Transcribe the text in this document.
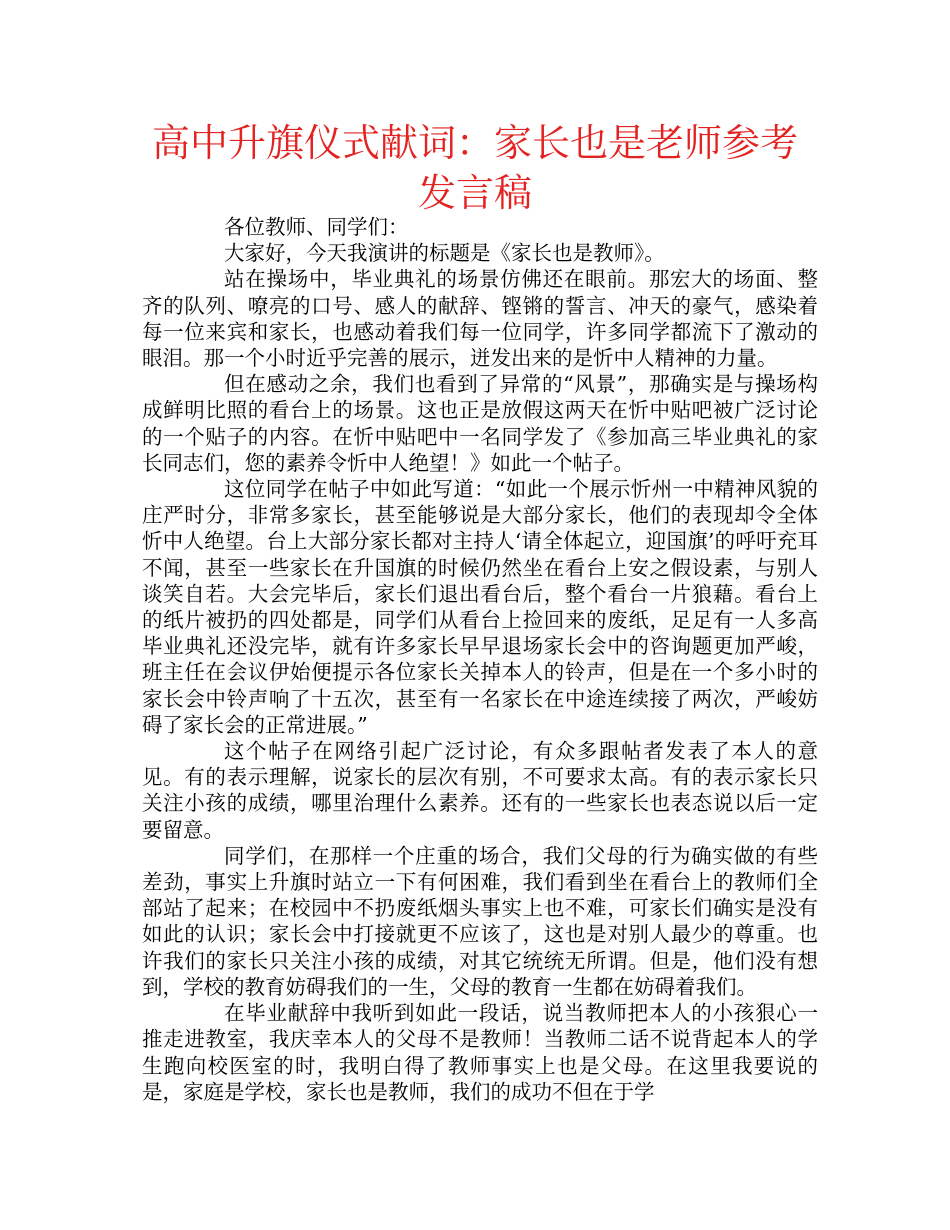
高中升旗仪式献词：家长也是老师参考发言稿

各位教师、同学们：

大家好，今天我演讲的标题是《家长也是教师》。

站在操场中，毕业典礼的场景仿佛还在眼前。那宏大的场面、整齐的队列、嘹亮的口号、感人的献辞、铿锵的誓言、冲天的豪气，感染着每一位来宾和家长，也感动着我们每一位同学，许多同学都流下了激动的眼泪。那一个小时近乎完善的展示，迸发出来的是忻中人精神的力量。

但在感动之余，我们也看到了异常的“风景”，那确实是与操场构成鲜明比照的看台上的场景。这也正是放假这两天在忻中贴吧被广泛讨论的一个贴子的内容。在忻中贴吧中一名同学发了《参加高三毕业典礼的家长同志们，您的素养令忻中人绝望！》如此一个帖子。

这位同学在帖子中如此写道：“如此一个展示忻州一中精神风貌的庄严时分，非常多家长，甚至能够说是大部分家长，他们的表现却令全体忻中人绝望。台上大部分家长都对主持人‘请全体起立，迎国旗’的呼吁充耳不闻，甚至一些家长在升国旗的时候仍然坐在看台上安之假设素，与别人谈笑自若。大会完毕后，家长们退出看台后，整个看台一片狼藉。看台上的纸片被扔的四处都是，同学们从看台上捡回来的废纸，足足有一人多高毕业典礼还没完毕，就有许多家长早早退场家长会中的咨询题更加严峻，班主任在会议伊始便提示各位家长关掉本人的铃声，但是在一个多小时的家长会中铃声响了十五次，甚至有一名家长在中途连续接了两次，严峻妨碍了家长会的正常进展。”

这个帖子在网络引起广泛讨论，有众多跟帖者发表了本人的意见。有的表示理解，说家长的层次有别，不可要求太高。有的表示家长只关注小孩的成绩，哪里治理什么素养。还有的一些家长也表态说以后一定要留意。

同学们，在那样一个庄重的场合，我们父母的行为确实做的有些差劲，事实上升旗时站立一下有何困难，我们看到坐在看台上的教师们全部站了起来；在校园中不扔废纸烟头事实上也不难，可家长们确实是没有如此的认识；家长会中打接就更不应该了，这也是对别人最少的尊重。也许我们的家长只关注小孩的成绩，对其它统统无所谓。但是，他们没有想到，学校的教育妨碍我们的一生，父母的教育一生都在妨碍着我们。

在毕业献辞中我听到如此一段话，说当教师把本人的小孩狠心一推走进教室，我庆幸本人的父母不是教师！当教师二话不说背起本人的学生跑向校医室的时，我明白得了教师事实上也是父母。在这里我要说的是，家庭是学校，家长也是教师，我们的成功不但在于学
